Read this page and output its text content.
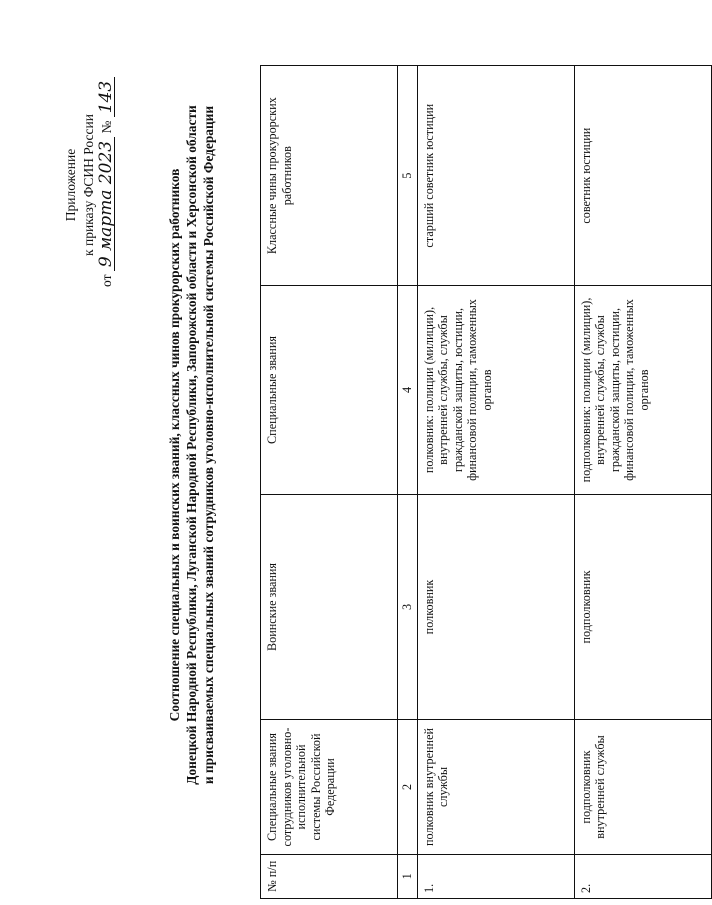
Приложение к приказу ФСИН России
от 9 марта 2023 № 143
Соотношение специальных и воинских званий, классных чинов прокурорских работников Донецкой Народной Республики, Луганской Народной Республики, Запорожской области и Херсонской области и присваиваемых специальных званий сотрудников уголовно-исполнительной системы Российской Федерации
№ п/п	Специальные звания сотрудников уголовно-исполнительной системы Российской Федерации	Воинские звания	Специальные звания	Классные чины прокурорских работников
1	2	3	4	5
1.	полковник внутренней службы	полковник	полковник: полиции (милиции), внутренней службы, службы гражданской защиты, юстиции, финансовой полиции, таможенных органов	старший советник юстиции
2.	подполковник внутренней службы	подполковник	подполковник: полиции (милиции), внутренней службы, службы гражданской защиты, юстиции, финансовой полиции, таможенных органов	советник юстиции
